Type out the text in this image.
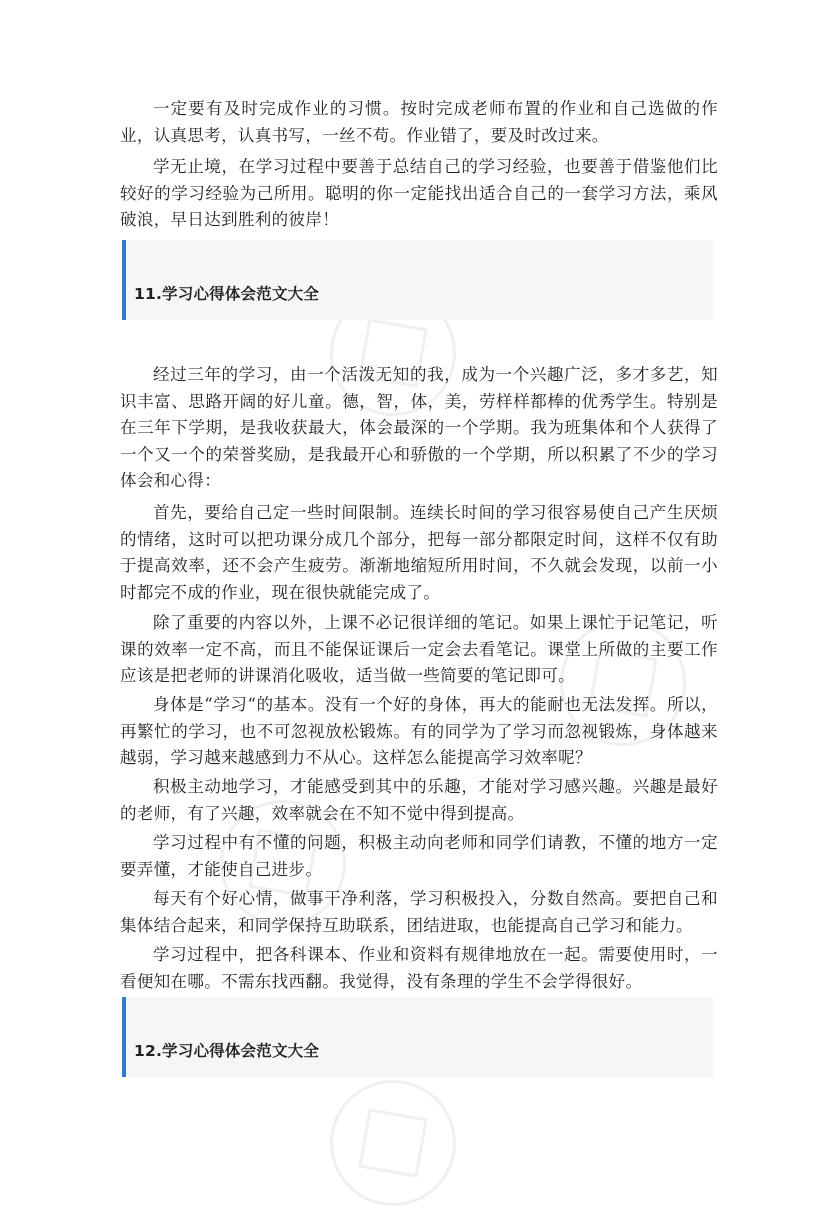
一定要有及时完成作业的习惯。按时完成老师布置的作业和自己选做的作业，认真思考，认真书写，一丝不苟。作业错了，要及时改过来。

学无止境，在学习过程中要善于总结自己的学习经验，也要善于借鉴他们比较好的学习经验为己所用。聪明的你一定能找出适合自己的一套学习方法，乘风破浪，早日达到胜利的彼岸！

11.学习心得体会范文大全

经过三年的学习，由一个活泼无知的我，成为一个兴趣广泛，多才多艺，知识丰富、思路开阔的好儿童。德，智，体，美，劳样样都棒的优秀学生。特别是在三年下学期，是我收获最大，体会最深的一个学期。我为班集体和个人获得了一个又一个的荣誉奖励，是我最开心和骄傲的一个学期，所以积累了不少的学习体会和心得：

首先，要给自己定一些时间限制。连续长时间的学习很容易使自己产生厌烦的情绪，这时可以把功课分成几个部分，把每一部分都限定时间，这样不仅有助于提高效率，还不会产生疲劳。渐渐地缩短所用时间，不久就会发现，以前一小时都完不成的作业，现在很快就能完成了。

除了重要的内容以外，上课不必记很详细的笔记。如果上课忙于记笔记，听课的效率一定不高，而且不能保证课后一定会去看笔记。课堂上所做的主要工作应该是把老师的讲课消化吸收，适当做一些简要的笔记即可。

身体是“学习“的基本。没有一个好的身体，再大的能耐也无法发挥。所以，再繁忙的学习，也不可忽视放松锻炼。有的同学为了学习而忽视锻炼，身体越来越弱，学习越来越感到力不从心。这样怎么能提高学习效率呢？

积极主动地学习，才能感受到其中的乐趣，才能对学习感兴趣。兴趣是最好的老师，有了兴趣，效率就会在不知不觉中得到提高。

学习过程中有不懂的问题，积极主动向老师和同学们请教，不懂的地方一定要弄懂，才能使自己进步。

每天有个好心情，做事干净利落，学习积极投入，分数自然高。要把自己和集体结合起来，和同学保持互助联系，团结进取，也能提高自己学习和能力。

学习过程中，把各科课本、作业和资料有规律地放在一起。需要使用时，一看便知在哪。不需东找西翻。我觉得，没有条理的学生不会学得很好。

12.学习心得体会范文大全
